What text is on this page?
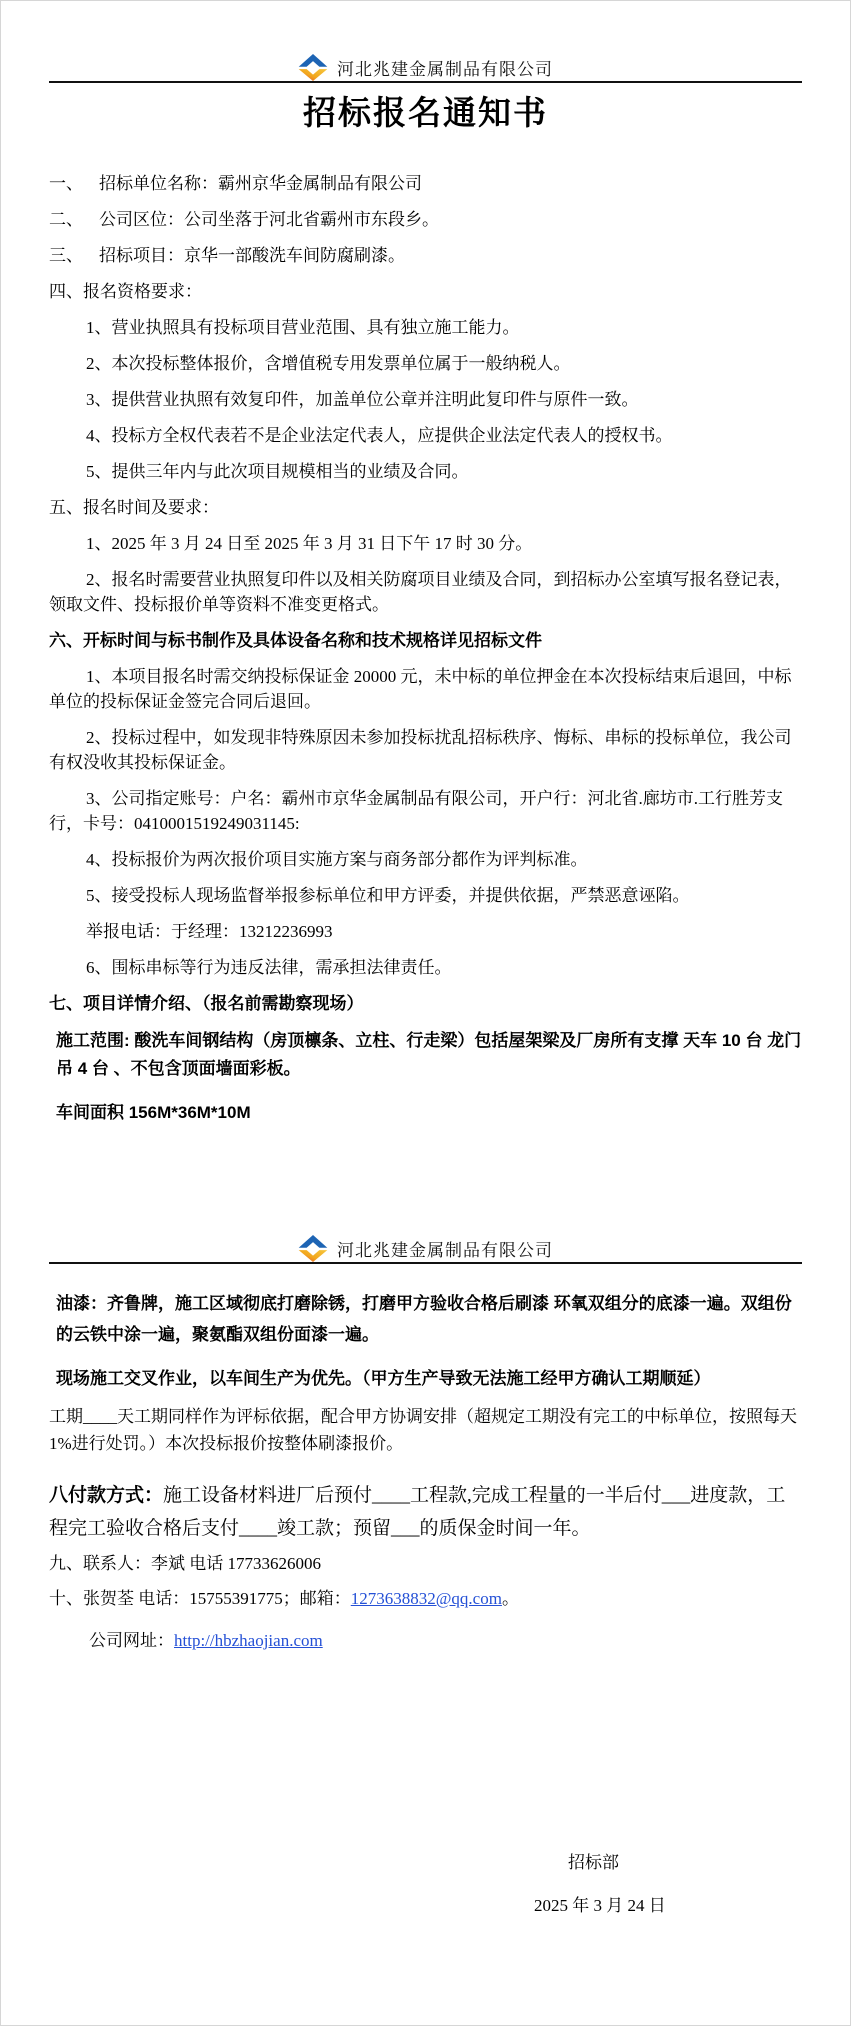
河北兆建金属制品有限公司
招标报名通知书

一、 招标单位名称：霸州京华金属制品有限公司

二、 公司区位：公司坐落于河北省霸州市东段乡。

三、 招标项目：京华一部酸洗车间防腐刷漆。

四、报名资格要求：

1、营业执照具有投标项目营业范围、具有独立施工能力。

2、本次投标整体报价，含增值税专用发票单位属于一般纳税人。

3、提供营业执照有效复印件，加盖单位公章并注明此复印件与原件一致。

4、投标方全权代表若不是企业法定代表人，应提供企业法定代表人的授权书。

5、提供三年内与此次项目规模相当的业绩及合同。

五、报名时间及要求：

1、2025 年 3 月 24 日至 2025 年 3 月 31 日下午 17 时 30 分。

2、报名时需要营业执照复印件以及相关防腐项目业绩及合同，到招标办公室填写报名登记表，领取文件、投标报价单等资料不准变更格式。

六、开标时间与标书制作及具体设备名称和技术规格详见招标文件

1、本项目报名时需交纳投标保证金 20000 元，未中标的单位押金在本次投标结束后退回，中标单位的投标保证金签完合同后退回。

2、投标过程中，如发现非特殊原因未参加投标扰乱招标秩序、悔标、串标的投标单位，我公司有权没收其投标保证金。

3、公司指定账号：户名：霸州市京华金属制品有限公司，开户行：河北省.廊坊市.工行胜芳支行，卡号：0410001519249031145:

4、投标报价为两次报价项目实施方案与商务部分都作为评判标准。

5、接受投标人现场监督举报参标单位和甲方评委，并提供依据，严禁恶意诬陷。

举报电话：于经理：13212236993

6、围标串标等行为违反法律，需承担法律责任。

七、项目详情介绍、（报名前需勘察现场）

施工范围: 酸洗车间钢结构（房顶檩条、立柱、行走梁）包括屋架梁及厂房所有支撑 天车 10 台 龙门吊 4 台 、不包含顶面墙面彩板。

车间面积 156M*36M*10M

河北兆建金属制品有限公司

油漆：齐鲁牌，施工区域彻底打磨除锈，打磨甲方验收合格后刷漆 环氧双组分的底漆一遍。双组份的云铁中涂一遍，聚氨酯双组份面漆一遍。

现场施工交叉作业，以车间生产为优先。（甲方生产导致无法施工经甲方确认工期顺延）

工期____天工期同样作为评标依据，配合甲方协调安排（超规定工期没有完工的中标单位，按照每天 1%进行处罚。）本次投标报价按整体刷漆报价。

八付款方式：施工设备材料进厂后预付____工程款,完成工程量的一半后付___进度款，工程完工验收合格后支付____竣工款；预留___的质保金时间一年。

九、联系人：李斌 电话 17733626006

十、张贺荃 电话：15755391775；邮箱：1273638832@qq.com。

公司网址：http://hbzhaojian.com

招标部

2025 年 3 月 24 日
